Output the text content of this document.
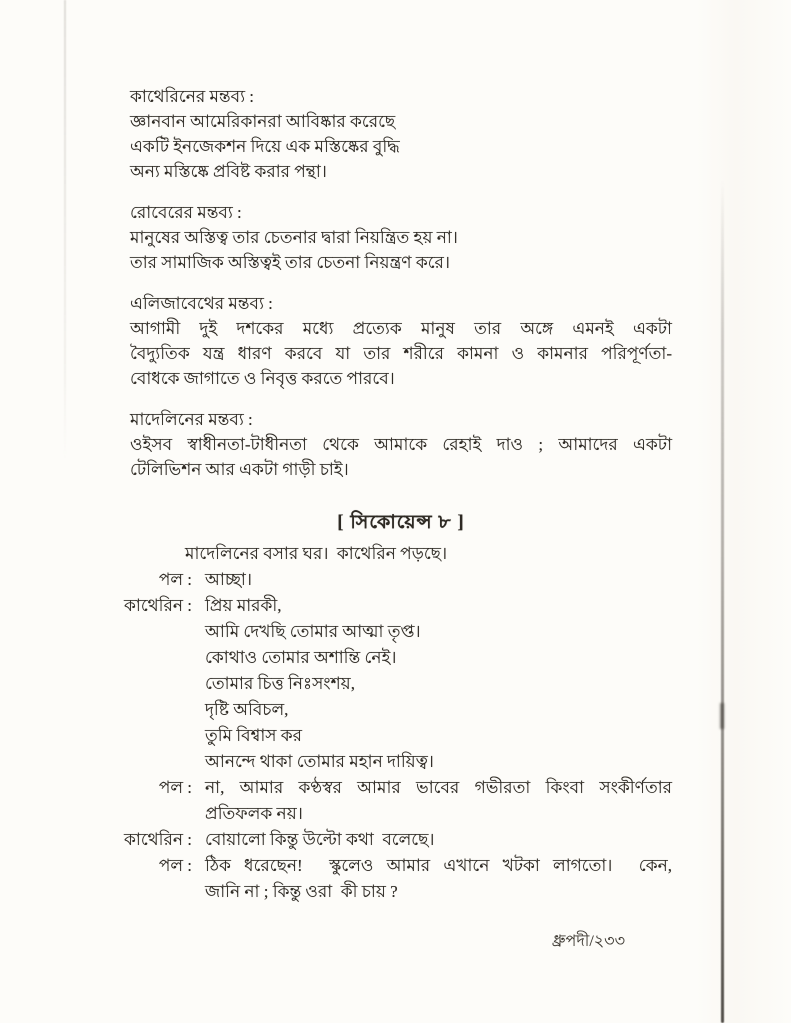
কাথেরিনের মন্তব্য :
জ্ঞানবান আমেরিকানরা আবিষ্কার করেছে
একটি ইনজেকশন দিয়ে এক মস্তিষ্কের বুদ্ধি
অন্য মস্তিষ্কে প্রবিষ্ট করার পন্থা।
রোবেরের মন্তব্য :
মানুষের অস্তিত্ব তার চেতনার দ্বারা নিয়ন্ত্রিত হয় না।
তার সামাজিক অস্তিত্বই তার চেতনা নিয়ন্ত্রণ করে।
এলিজাবেথের মন্তব্য :
আগামী দুই দশকের মধ্যে প্রত্যেক মানুষ তার অঙ্গে এমনই একটা
বৈদ্যুতিক যন্ত্র ধারণ করবে যা তার শরীরে কামনা ও কামনার পরিপূর্ণতা-
বোধকে জাগাতে ও নিবৃত্ত করতে পারবে।
মাদেলিনের মন্তব্য :
ওইসব স্বাধীনতা-টাধীনতা থেকে আমাকে রেহাই দাও ; আমাদের একটা
টেলিভিশন আর একটা গাড়ী চাই।
[ সিকোয়েন্স ৮ ]
মাদেলিনের বসার ঘর।  কাথেরিন পড়ছে।
পল : আচ্ছা।
কাথেরিন : প্রিয় মারকী,
আমি দেখছি তোমার আত্মা তৃপ্ত।
কোথাও তোমার অশান্তি নেই।
তোমার চিত্ত নিঃসংশয়,
দৃষ্টি অবিচল,
তুমি বিশ্বাস কর
আনন্দে থাকা তোমার মহান দায়িত্ব।
পল : না, আমার কণ্ঠস্বর আমার ভাবের গভীরতা কিংবা সংকীর্ণতার
প্রতিফলক নয়।
কাথেরিন : বোয়ালো কিন্তু উল্টো কথা  বলেছে।
পল : ঠিক ধরেছেন!  স্কুলেও আমার এখানে খটকা লাগতো।  কেন,
জানি না ; কিন্তু ওরা  কী চায় ?
ধ্রুপদী/২৩৩
